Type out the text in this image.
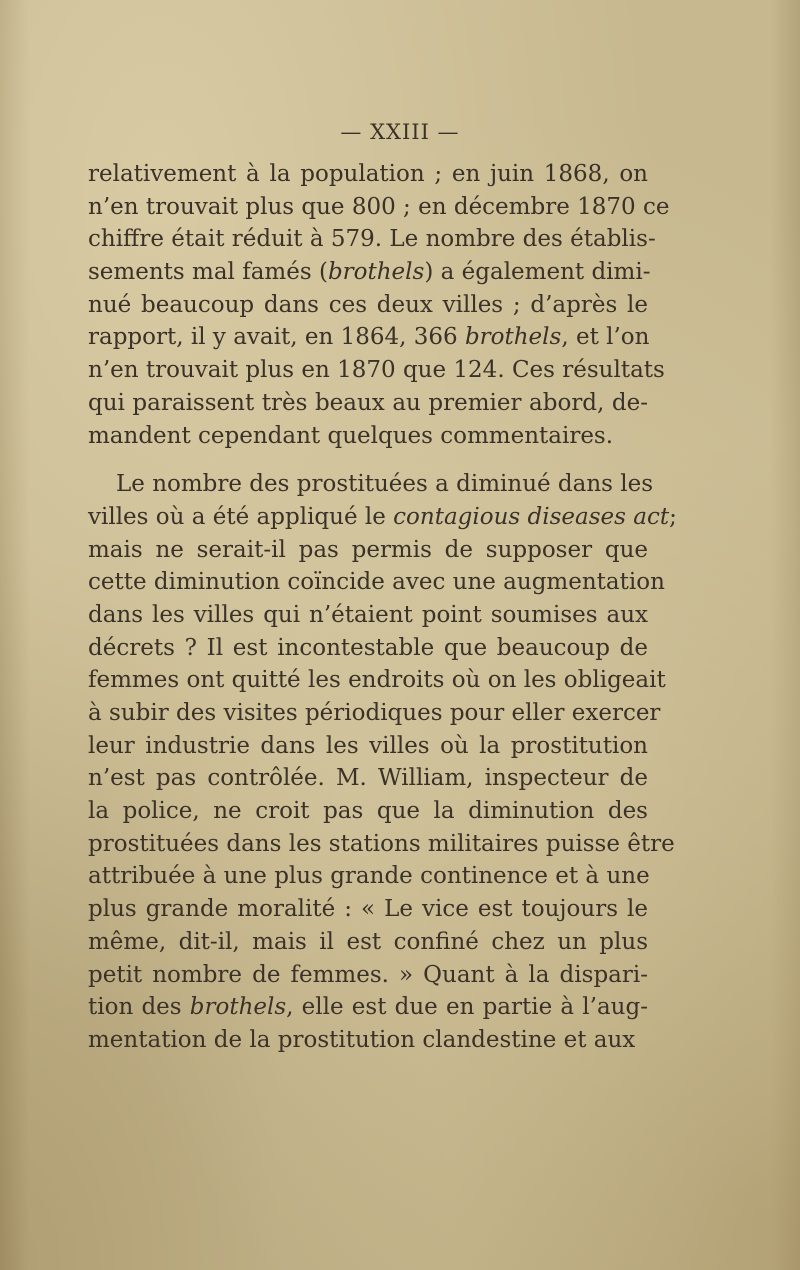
— XXIII —
relativement à la population ; en juin 1868, on
n’en trouvait plus que 800 ; en décembre 1870 ce
chiffre était réduit à 579. Le nombre des établis-
sements mal famés (brothels) a également dimi-
nué beaucoup dans ces deux villes ; d’après le
rapport, il y avait, en 1864, 366 brothels, et l’on
n’en trouvait plus en 1870 que 124. Ces résultats
qui paraissent très beaux au premier abord, de-
mandent cependant quelques commentaires.
Le nombre des prostituées a diminué dans les
villes où a été appliqué le contagious diseases act;
mais ne serait-il pas permis de supposer que
cette diminution coïncide avec une augmentation
dans les villes qui n’étaient point soumises aux
décrets ? Il est incontestable que beaucoup de
femmes ont quitté les endroits où on les obligeait
à subir des visites périodiques pour eller exercer
leur industrie dans les villes où la prostitution
n’est pas contrôlée. M. William, inspecteur de
la police, ne croit pas que la diminution des
prostituées dans les stations militaires puisse être
attribuée à une plus grande continence et à une
plus grande moralité : « Le vice est toujours le
même, dit-il, mais il est confiné chez un plus
petit nombre de femmes. » Quant à la dispari-
tion des brothels, elle est due en partie à l’aug-
mentation de la prostitution clandestine et aux
